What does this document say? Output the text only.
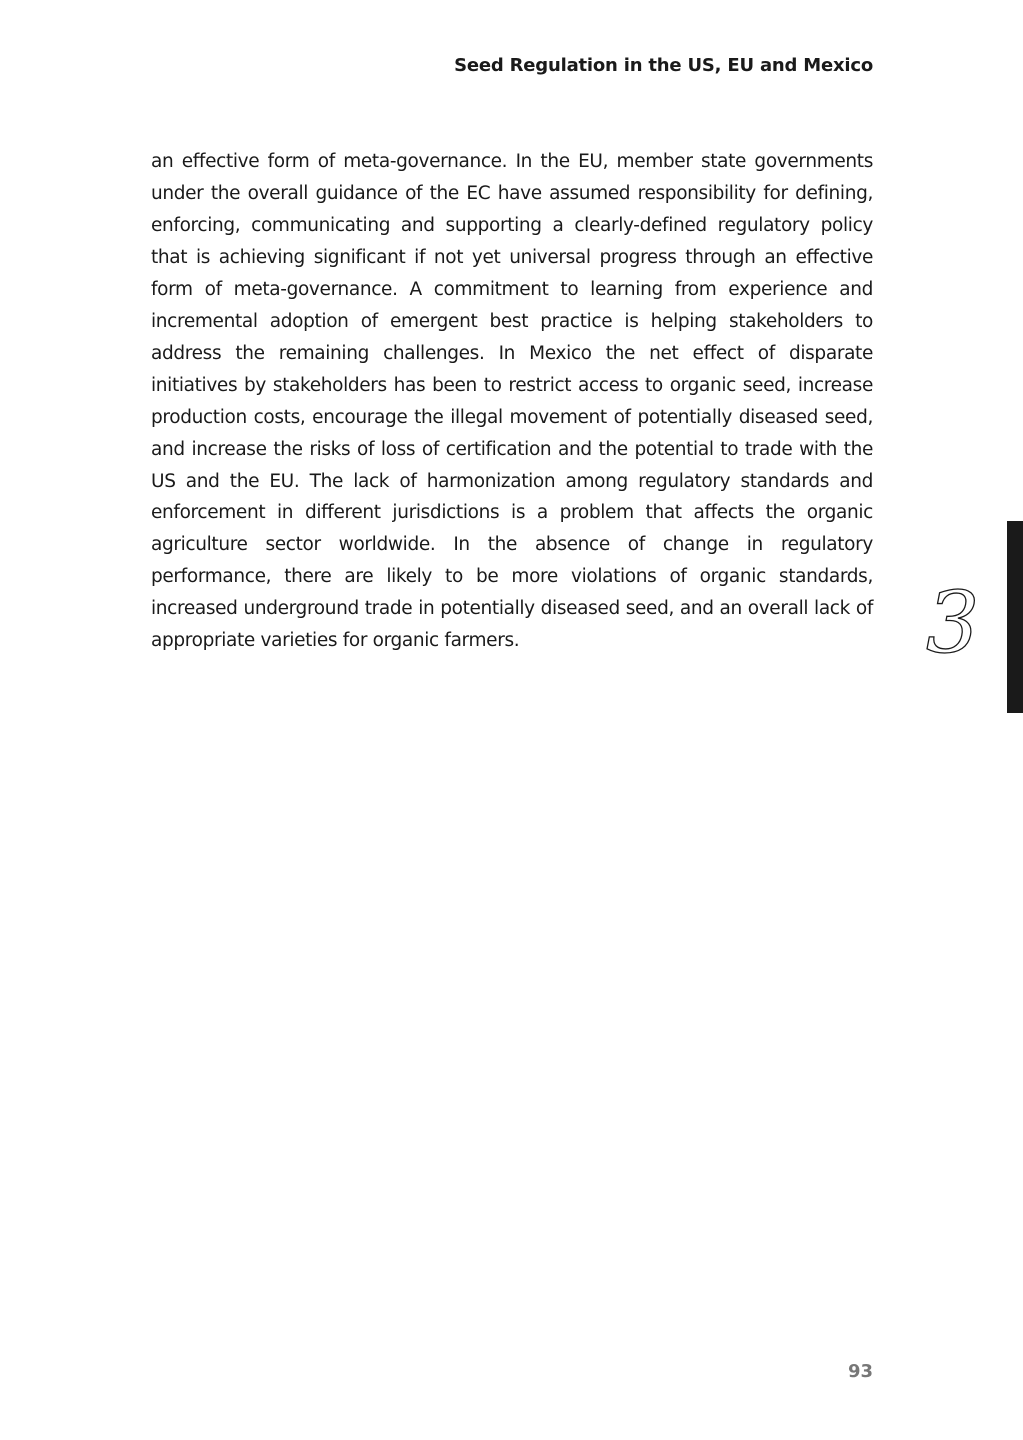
Seed Regulation in the US, EU and Mexico

an effective form of meta-governance. In the EU, member state governments under the overall guidance of the EC have assumed responsibility for defining, enforcing, communicating and supporting a clearly-defined regulatory policy that is achieving significant if not yet universal progress through an effective form of meta-governance. A commitment to learning from experience and incremental adoption of emergent best practice is helping stakeholders to address the remaining challenges. In Mexico the net effect of disparate initiatives by stakeholders has been to restrict access to organic seed, increase production costs, encourage the illegal movement of potentially diseased seed, and increase the risks of loss of certification and the potential to trade with the US and the EU. The lack of harmonization among regulatory standards and enforcement in different jurisdictions is a problem that affects the organic agriculture sector worldwide. In the absence of change in regulatory performance, there are likely to be more violations of organic standards, increased underground trade in potentially diseased seed, and an overall lack of appropriate varieties for organic farmers.	3
93
